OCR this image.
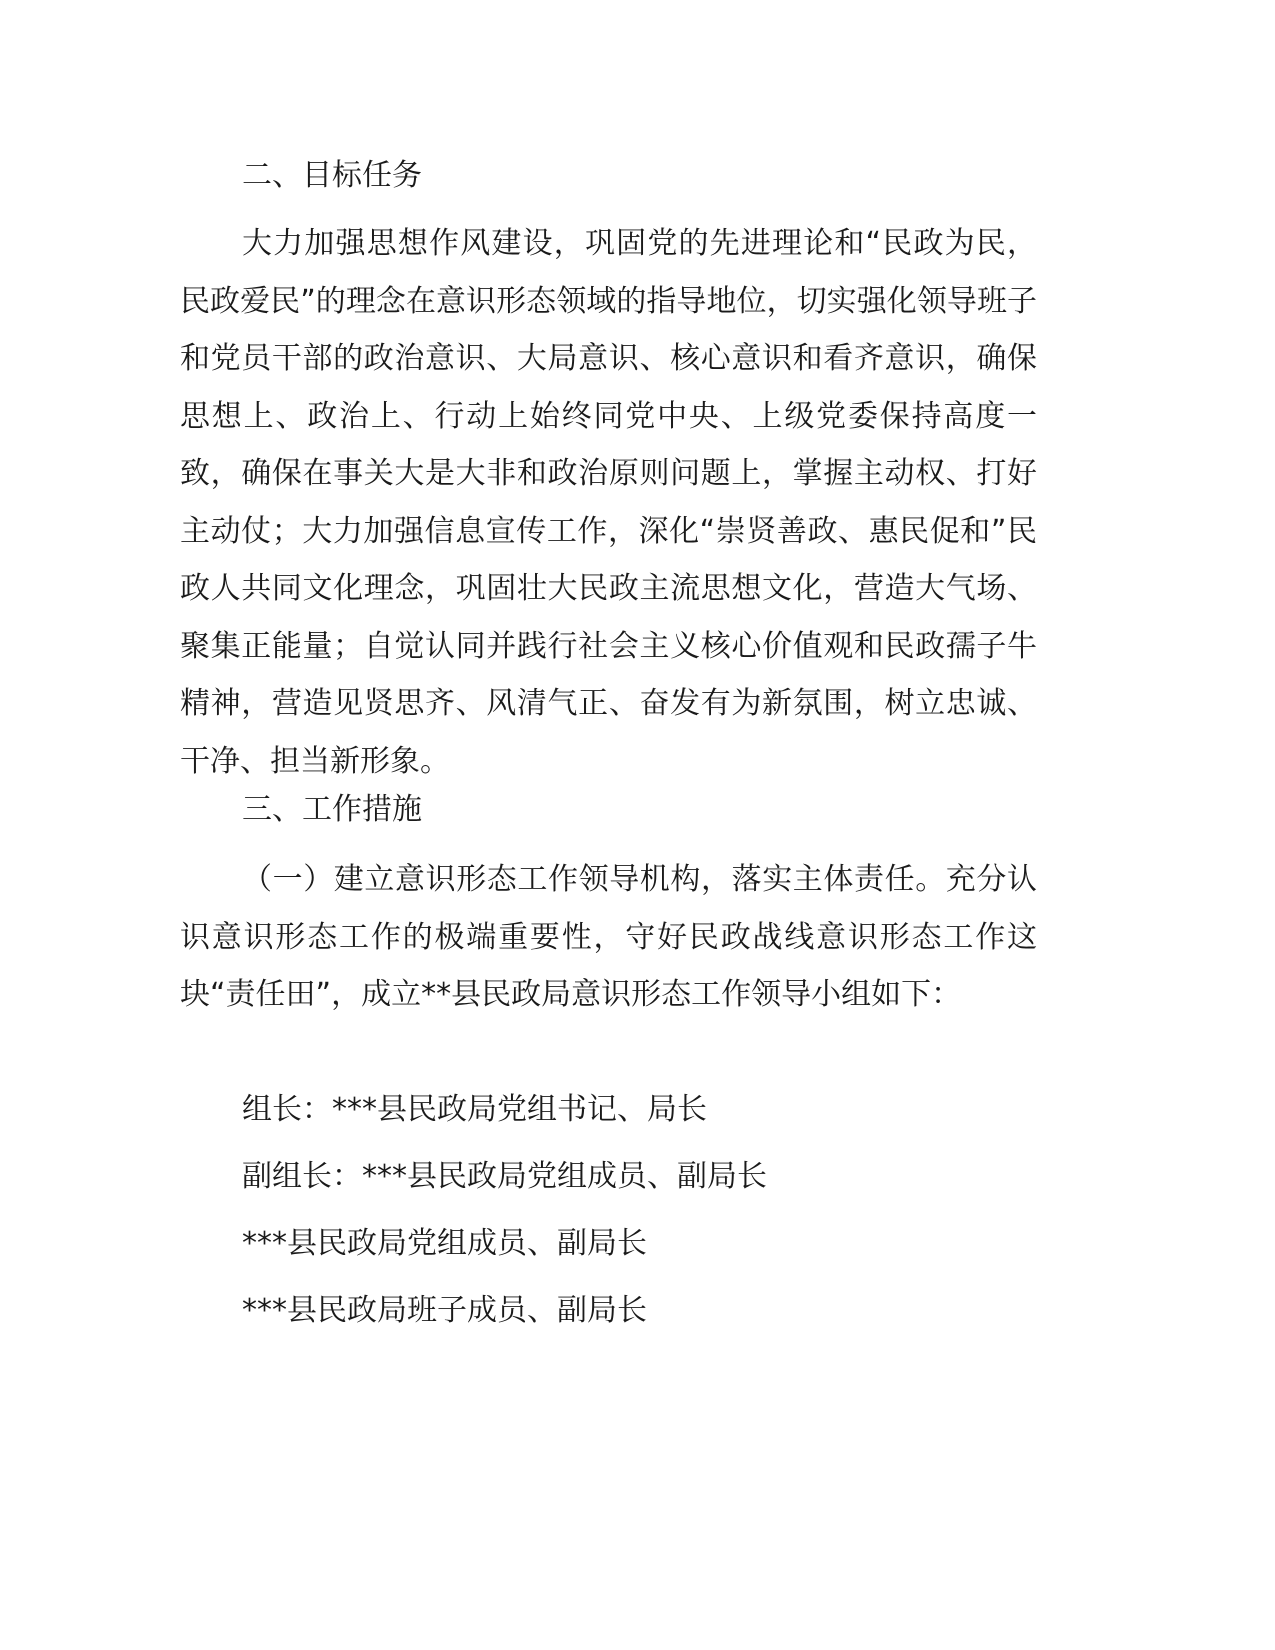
二、目标任务
大力加强思想作风建设，巩固党的先进理论和“民政为民，民政爱民”的理念在意识形态领域的指导地位，切实强化领导班子和党员干部的政治意识、大局意识、核心意识和看齐意识，确保思想上、政治上、行动上始终同党中央、上级党委保持高度一致，确保在事关大是大非和政治原则问题上，掌握主动权、打好主动仗；大力加强信息宣传工作，深化“崇贤善政、惠民促和”民政人共同文化理念，巩固壮大民政主流思想文化，营造大气场、聚集正能量；自觉认同并践行社会主义核心价值观和民政孺子牛精神，营造见贤思齐、风清气正、奋发有为新氛围，树立忠诚、干净、担当新形象。
三、工作措施
（一）建立意识形态工作领导机构，落实主体责任。充分认识意识形态工作的极端重要性，守好民政战线意识形态工作这块“责任田”，成立**县民政局意识形态工作领导小组如下：
组长：***县民政局党组书记、局长
副组长：***县民政局党组成员、副局长
***县民政局党组成员、副局长
***县民政局班子成员、副局长
